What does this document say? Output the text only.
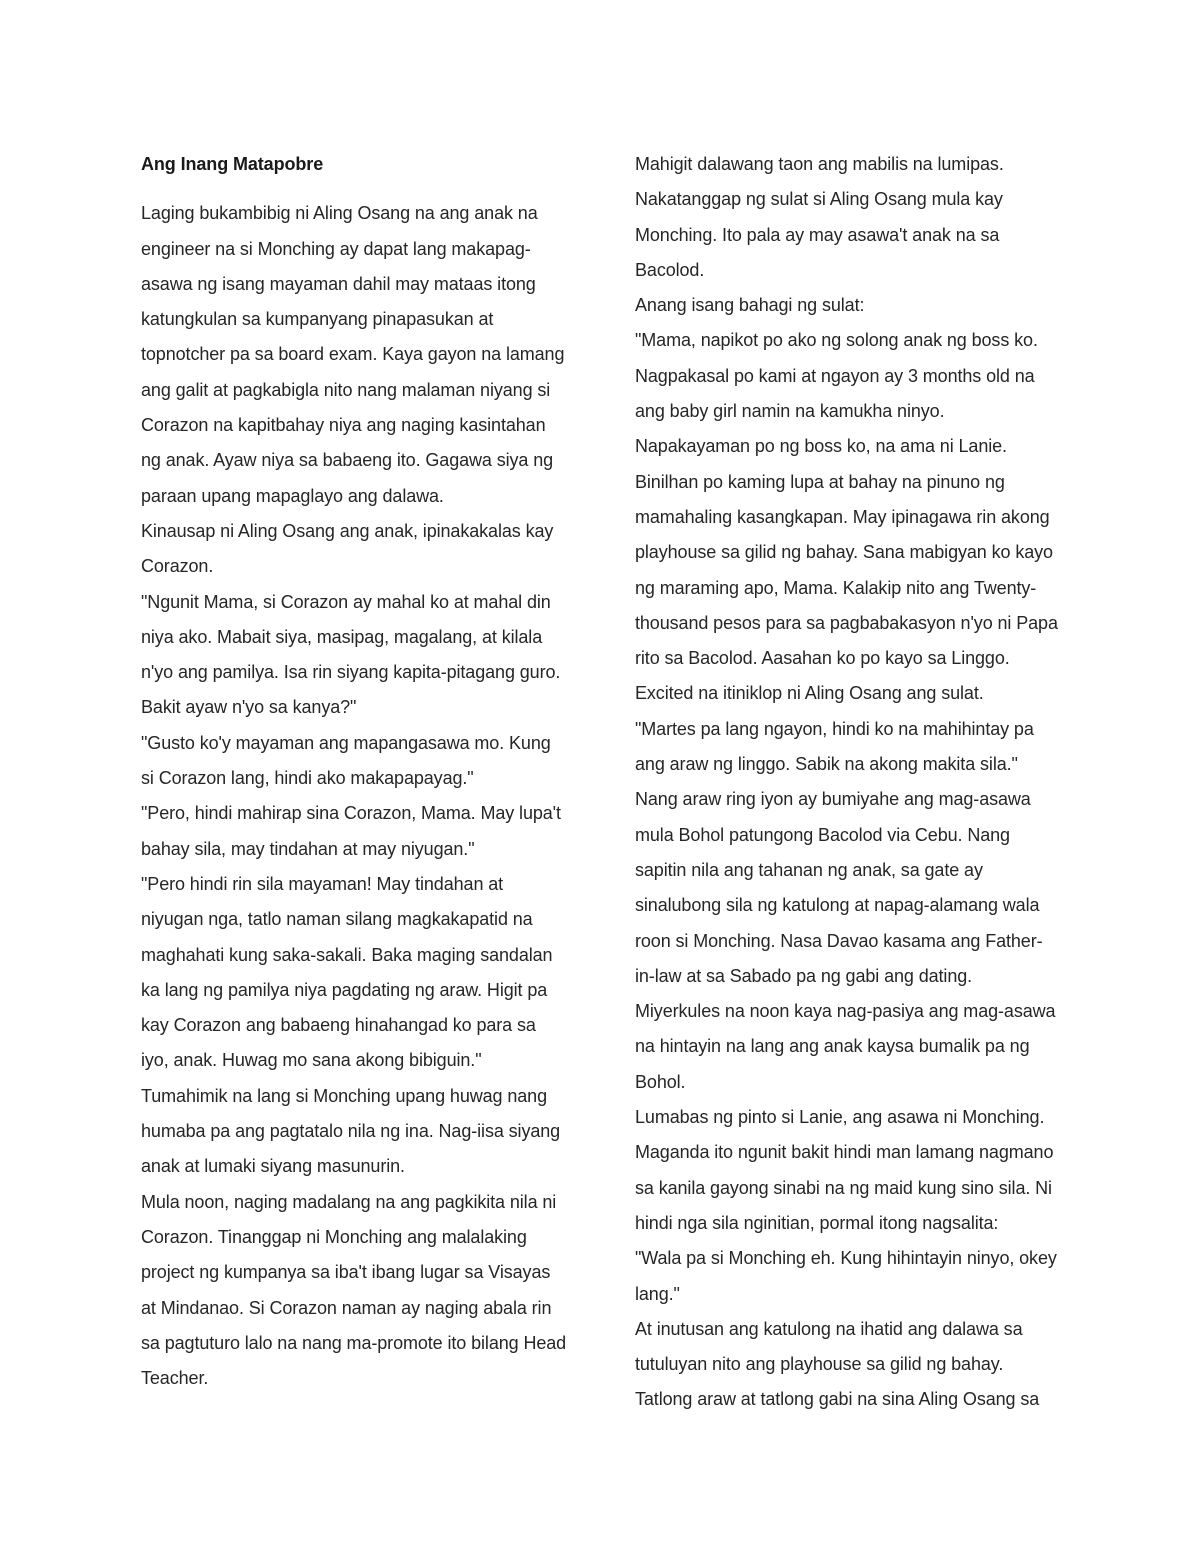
Ang Inang Matapobre
Laging bukambibig ni Aling Osang na ang anak na
engineer na si Monching ay dapat lang makapag-
asawa ng isang mayaman dahil may mataas itong
katungkulan sa kumpanyang pinapasukan at
topnotcher pa sa board exam. Kaya gayon na lamang
ang galit at pagkabigla nito nang malaman niyang si
Corazon na kapitbahay niya ang naging kasintahan
ng anak. Ayaw niya sa babaeng ito. Gagawa siya ng
paraan upang mapaglayo ang dalawa.
Kinausap ni Aling Osang ang anak, ipinakakalas kay
Corazon.
"Ngunit Mama, si Corazon ay mahal ko at mahal din
niya ako. Mabait siya, masipag, magalang, at kilala
n'yo ang pamilya. Isa rin siyang kapita-pitagang guro.
Bakit ayaw n'yo sa kanya?"
"Gusto ko'y mayaman ang mapangasawa mo. Kung
si Corazon lang, hindi ako makapapayag."
"Pero, hindi mahirap sina Corazon, Mama. May lupa't
bahay sila, may tindahan at may niyugan."
"Pero hindi rin sila mayaman! May tindahan at
niyugan nga, tatlo naman silang magkakapatid na
maghahati kung saka-sakali. Baka maging sandalan
ka lang ng pamilya niya pagdating ng araw. Higit pa
kay Corazon ang babaeng hinahangad ko para sa
iyo, anak. Huwag mo sana akong bibiguin."
Tumahimik na lang si Monching upang huwag nang
humaba pa ang pagtatalo nila ng ina. Nag-iisa siyang
anak at lumaki siyang masunurin.
Mula noon, naging madalang na ang pagkikita nila ni
Corazon. Tinanggap ni Monching ang malalaking
project ng kumpanya sa iba't ibang lugar sa Visayas
at Mindanao. Si Corazon naman ay naging abala rin
sa pagtuturo lalo na nang ma-promote ito bilang Head
Teacher.
Mahigit dalawang taon ang mabilis na lumipas.
Nakatanggap ng sulat si Aling Osang mula kay
Monching. Ito pala ay may asawa't anak na sa
Bacolod.
Anang isang bahagi ng sulat:
"Mama, napikot po ako ng solong anak ng boss ko.
Nagpakasal po kami at ngayon ay 3 months old na
ang baby girl namin na kamukha ninyo.
Napakayaman po ng boss ko, na ama ni Lanie.
Binilhan po kaming lupa at bahay na pinuno ng
mamahaling kasangkapan. May ipinagawa rin akong
playhouse sa gilid ng bahay. Sana mabigyan ko kayo
ng maraming apo, Mama. Kalakip nito ang Twenty-
thousand pesos para sa pagbabakasyon n'yo ni Papa
rito sa Bacolod. Aasahan ko po kayo sa Linggo.
Excited na itiniklop ni Aling Osang ang sulat.
"Martes pa lang ngayon, hindi ko na mahihintay pa
ang araw ng linggo. Sabik na akong makita sila."
Nang araw ring iyon ay bumiyahe ang mag-asawa
mula Bohol patungong Bacolod via Cebu. Nang
sapitin nila ang tahanan ng anak, sa gate ay
sinalubong sila ng katulong at napag-alamang wala
roon si Monching. Nasa Davao kasama ang Father-
in-law at sa Sabado pa ng gabi ang dating.
Miyerkules na noon kaya nag-pasiya ang mag-asawa
na hintayin na lang ang anak kaysa bumalik pa ng
Bohol.
Lumabas ng pinto si Lanie, ang asawa ni Monching.
Maganda ito ngunit bakit hindi man lamang nagmano
sa kanila gayong sinabi na ng maid kung sino sila. Ni
hindi nga sila nginitian, pormal itong nagsalita:
"Wala pa si Monching eh. Kung hihintayin ninyo, okey
lang."
At inutusan ang katulong na ihatid ang dalawa sa
tutuluyan nito ang playhouse sa gilid ng bahay.
Tatlong araw at tatlong gabi na sina Aling Osang sa
